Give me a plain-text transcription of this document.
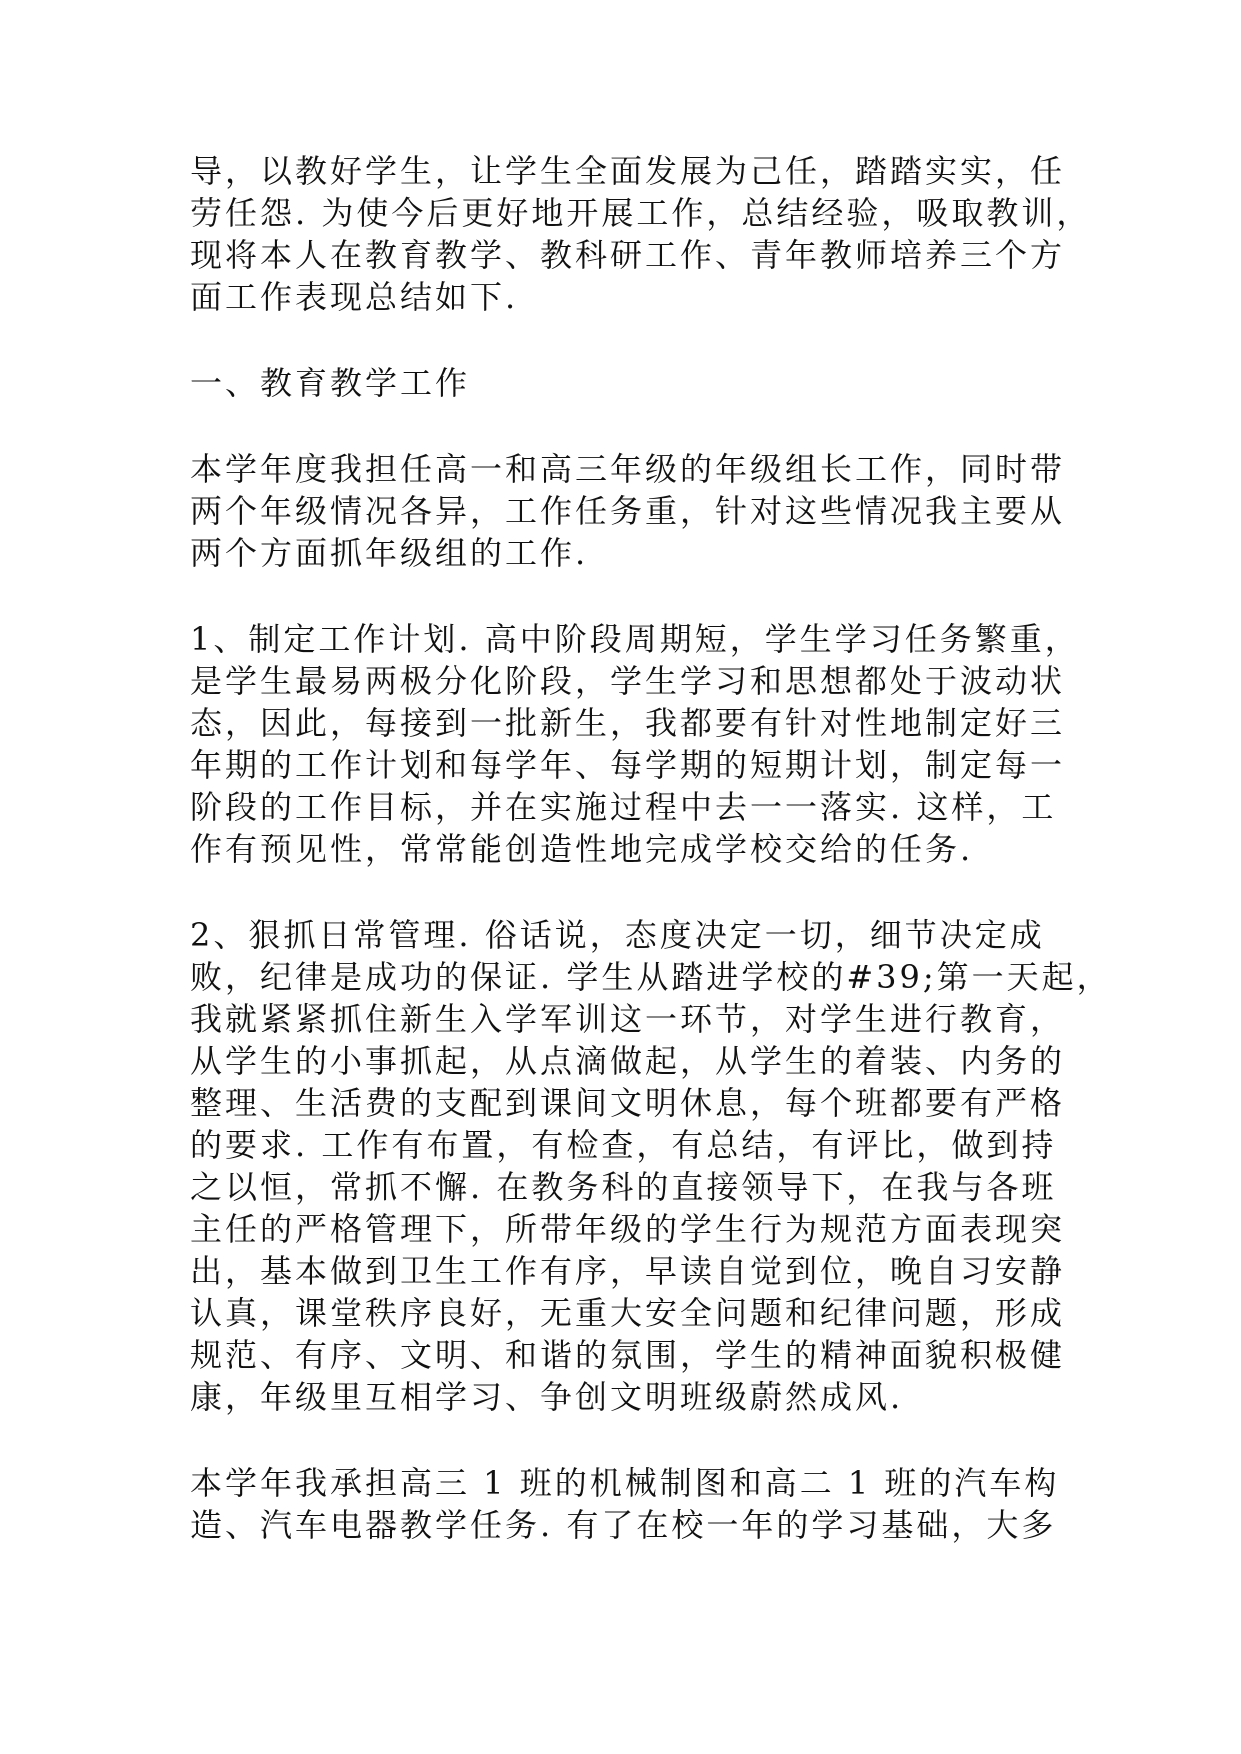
导，以教好学生，让学生全面发展为己任，踏踏实实，任
劳任怨. 为使今后更好地开展工作，总结经验，吸取教训，
现将本人在教育教学、教科研工作、青年教师培养三个方
面工作表现总结如下.

一、教育教学工作

本学年度我担任高一和高三年级的年级组长工作，同时带
两个年级情况各异，工作任务重，针对这些情况我主要从
两个方面抓年级组的工作.

1、制定工作计划. 高中阶段周期短，学生学习任务繁重，
是学生最易两极分化阶段，学生学习和思想都处于波动状
态，因此，每接到一批新生，我都要有针对性地制定好三
年期的工作计划和每学年、每学期的短期计划，制定每一
阶段的工作目标，并在实施过程中去一一落实. 这样，工
作有预见性，常常能创造性地完成学校交给的任务.

2、狠抓日常管理. 俗话说，态度决定一切，细节决定成
败，纪律是成功的保证. 学生从踏进学校的#39;第一天起，
我就紧紧抓住新生入学军训这一环节，对学生进行教育，
从学生的小事抓起，从点滴做起，从学生的着装、内务的
整理、生活费的支配到课间文明休息，每个班都要有严格
的要求. 工作有布置，有检查，有总结，有评比，做到持
之以恒，常抓不懈. 在教务科的直接领导下，在我与各班
主任的严格管理下，所带年级的学生行为规范方面表现突
出，基本做到卫生工作有序，早读自觉到位，晚自习安静
认真，课堂秩序良好，无重大安全问题和纪律问题，形成
规范、有序、文明、和谐的氛围，学生的精神面貌积极健
康，年级里互相学习、争创文明班级蔚然成风.

本学年我承担高三 1 班的机械制图和高二 1 班的汽车构
造、汽车电器教学任务. 有了在校一年的学习基础，大多
